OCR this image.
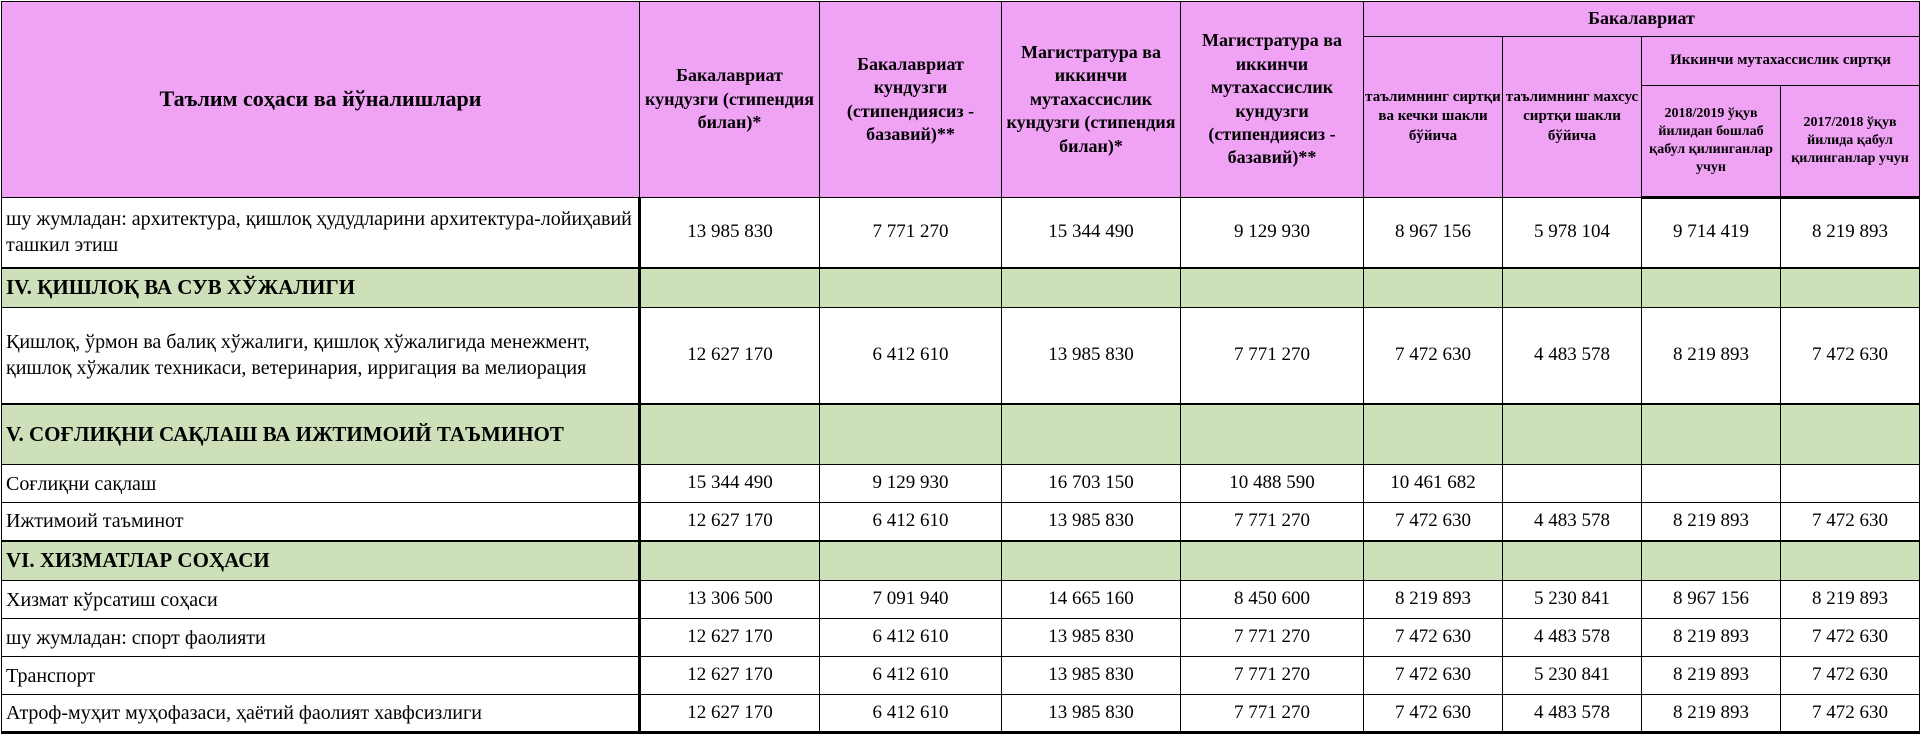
Таълим соҳаси ва йўналишлари	Бакалавриат кундузги (стипендия билан)*	Бакалавриат кундузги (стипендиясиз - базавий)**	Магистратура ва иккинчи мутахассислик кундузги (стипендия билан)*	Магистратура ва иккинчи мутахассислик кундузги (стипендиясиз - базавий)**	Бакалавриат			
					таълимнинг сиртқи ва кечки шакли бўйича	таълимнинг махсус сиртқи шакли бўйича	Иккинчи мутахассислик сиртқи	
							2018/2019 ўқув йилидан бошлаб қабул қилинганлар учун	2017/2018 ўқув йилида қабул қилинганлар учун
шу жумладан: архитектура, қишлоқ ҳудудларини архитектура-лойиҳавий ташкил этиш	13 985 830	7 771 270	15 344 490	9 129 930	8 967 156	5 978 104	9 714 419	8 219 893
IV. ҚИШЛОҚ ВА СУВ ХЎЖАЛИГИ								
Қишлоқ, ўрмон ва балиқ хўжалиги, қишлоқ хўжалигида менежмент, қишлоқ хўжалик техникаси, ветеринария, ирригация ва мелиорация	12 627 170	6 412 610	13 985 830	7 771 270	7 472 630	4 483 578	8 219 893	7 472 630
V. СОҒЛИҚНИ САҚЛАШ ВА ИЖТИМОИЙ ТАЪМИНОТ								
Соғлиқни сақлаш	15 344 490	9 129 930	16 703 150	10 488 590	10 461 682			
Ижтимоий таъминот	12 627 170	6 412 610	13 985 830	7 771 270	7 472 630	4 483 578	8 219 893	7 472 630
VI. ХИЗМАТЛАР СОҲАСИ								
Хизмат кўрсатиш соҳаси	13 306 500	7 091 940	14 665 160	8 450 600	8 219 893	5 230 841	8 967 156	8 219 893
шу жумладан: спорт фаолияти	12 627 170	6 412 610	13 985 830	7 771 270	7 472 630	4 483 578	8 219 893	7 472 630
Транспорт	12 627 170	6 412 610	13 985 830	7 771 270	7 472 630	5 230 841	8 219 893	7 472 630
Атроф-муҳит муҳофазаси, ҳаётий фаолият хавфсизлиги	12 627 170	6 412 610	13 985 830	7 771 270	7 472 630	4 483 578	8 219 893	7 472 630
